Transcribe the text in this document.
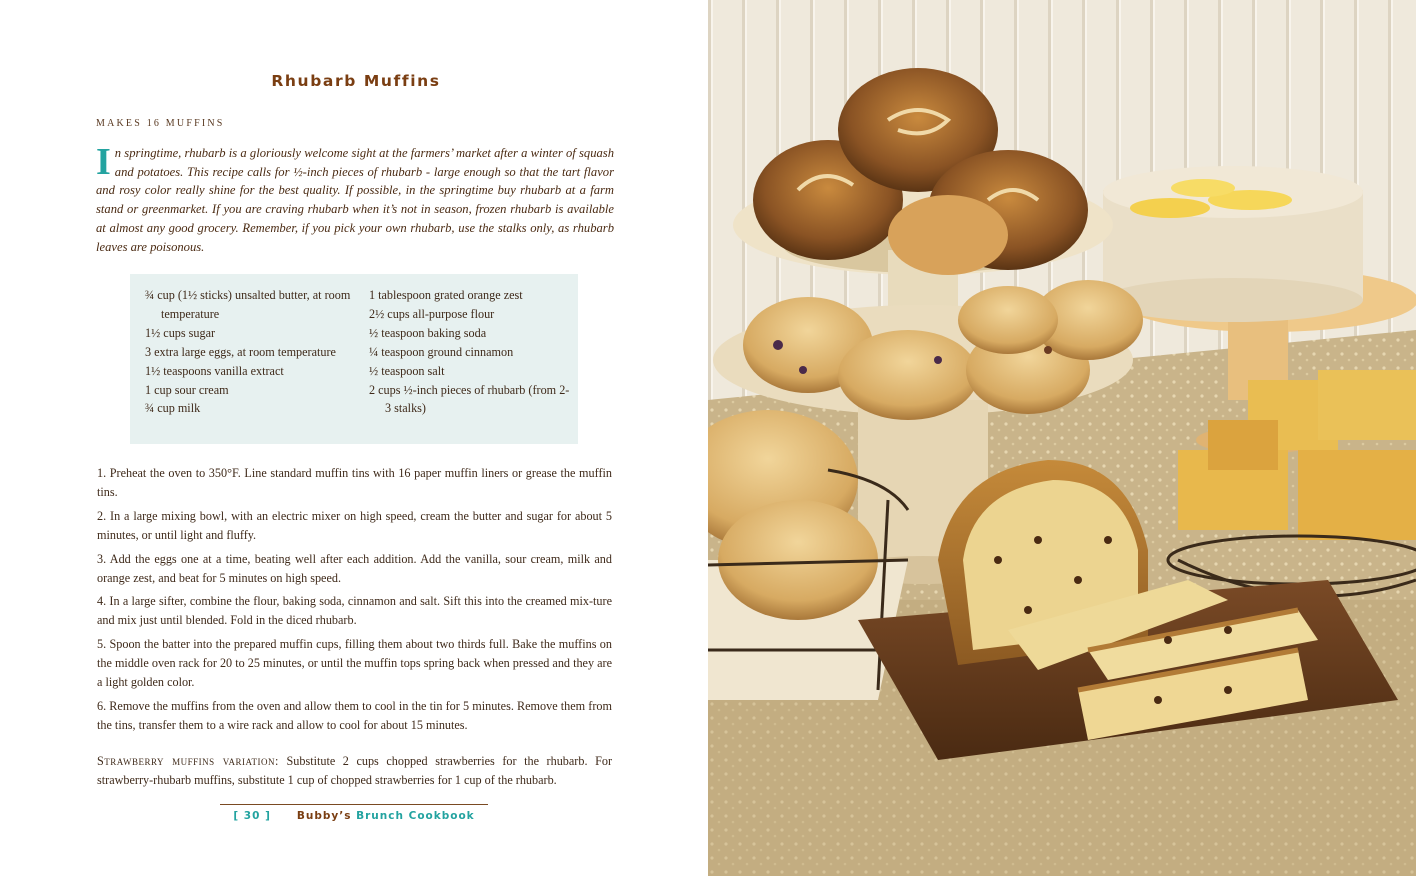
Rhubarb Muffins
MAKES 16 MUFFINS
In springtime, rhubarb is a gloriously welcome sight at the farmers’ market after a winter of squash and potatoes. This recipe calls for ½-inch pieces of rhubarb - large enough so that the tart flavor and rosy color really shine for the best quality. If possible, in the springtime buy rhubarb at a farm stand or greenmarket. If you are craving rhubarb when it’s not in season, frozen rhubarb is available at almost any good grocery. Remember, if you pick your own rhubarb, use the stalks only, as rhubarb leaves are poisonous.
¾ cup (1½ sticks) unsalted butter, at room temperature
1½ cups sugar
3 extra large eggs, at room temperature
1½ teaspoons vanilla extract
1 cup sour cream
¾ cup milk
1 tablespoon grated orange zest
2½ cups all-purpose flour
½ teaspoon baking soda
¼ teaspoon ground cinnamon
½ teaspoon salt
2 cups ½-inch pieces of rhubarb (from 2-3 stalks)

1. Preheat the oven to 350°F. Line standard muffin tins with 16 paper muffin liners or grease the muffin tins.

2. In a large mixing bowl, with an electric mixer on high speed, cream the butter and sugar for about 5 minutes, or until light and fluffy.

3. Add the eggs one at a time, beating well after each addition. Add the vanilla, sour cream, milk and orange zest, and beat for 5 minutes on high speed.

4. In a large sifter, combine the flour, baking soda, cinnamon and salt. Sift this into the creamed mix-ture and mix just until blended. Fold in the diced rhubarb.

5. Spoon the batter into the prepared muffin cups, filling them about two thirds full. Bake the muffins on the middle oven rack for 20 to 25 minutes, or until the muffin tops spring back when pressed and they are a light golden color.

6. Remove the muffins from the oven and allow them to cool in the tin for 5 minutes. Remove them from the tins, transfer them to a wire rack and allow to cool for about 15 minutes.

Strawberry muffins variation: Substitute 2 cups chopped strawberries for the rhubarb. For strawberry-rhubarb muffins, substitute 1 cup of chopped strawberries for 1 cup of the rhubarb.
[ 30 ] Bubby’s Brunch Cookbook
